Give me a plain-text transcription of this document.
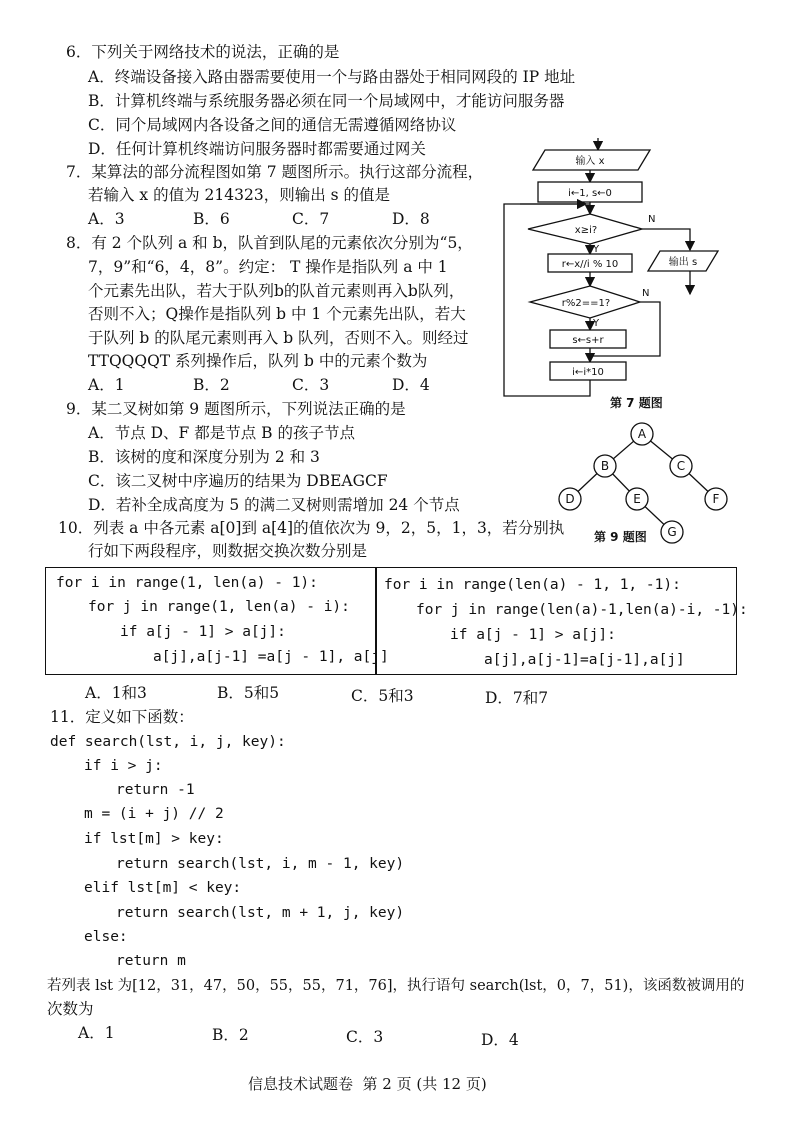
6．下列关于网络技术的说法，正确的是
A．终端设备接入路由器需要使用一个与路由器处于相同网段的 IP 地址
B．计算机终端与系统服务器必须在同一个局域网中，才能访问服务器
C．同个局域网内各设备之间的通信无需遵循网络协议
D．任何计算机终端访问服务器时都需要通过网关
7．某算法的部分流程图如第 7 题图所示。执行这部分流程，
若输入 x 的值为 214323，则输出 s 的值是
A．3	B．6	C．7	D．8
8．有 2 个队列 a 和 b，队首到队尾的元素依次分别为“5，
7，9”和“6，4，8”。约定： T 操作是指队列 a 中 1
个元素先出队，若大于队列b的队首元素则再入b队列，
否则不入；Q操作是指队列 b 中 1 个元素先出队，若大
于队列 b 的队尾元素则再入 b 队列，否则不入。则经过
TTQQQQT 系列操作后，队列 b 中的元素个数为
A．1	B．2	C．3	D．4
输入 x
i←1, s←0
x≥i?
N
Y
输出 s
r←x//i % 10
r%2==1?
N
Y
s←s+r
i←i*10
第 7 题图
9．某二叉树如第 9 题图所示，下列说法正确的是
A．节点 D、F 都是节点 B 的孩子节点
B．该树的度和深度分别为 2 和 3
C．该二叉树中序遍历的结果为 DBEAGCF
D．若补全成高度为 5 的满二叉树则需增加 24 个节点
A
B	C
D	E	F
G
第 9 题图
10．列表 a 中各元素 a[0]到 a[4]的值依次为 9，2，5，1，3，若分别执
行如下两段程序，则数据交换次数分别是
for i in range(1, len(a) - 1):
for j in range(1, len(a) - i):
if a[j - 1] > a[j]:
a[j],a[j-1] =a[j - 1], a[j]
for i in range(len(a) - 1, 1, -1):
for j in range(len(a)-1,len(a)-i, -1):
if a[j - 1] > a[j]:
a[j],a[j-1]=a[j-1],a[j]
A．1和3	B．5和5	C．5和3	D．7和7
11．定义如下函数：
def search(lst, i, j, key):
if i > j:
return -1
m = (i + j) // 2
if lst[m] > key:
return search(lst, i, m - 1, key)
elif lst[m] < key:
return search(lst, m + 1, j, key)
else:
return m
若列表 lst 为[12，31，47，50，55，55，71，76]，执行语句 search(lst，0，7，51)，该函数被调用的
次数为
A．1	B．2	C．3	D．4
信息技术试题卷  第 2 页 (共 12 页)
